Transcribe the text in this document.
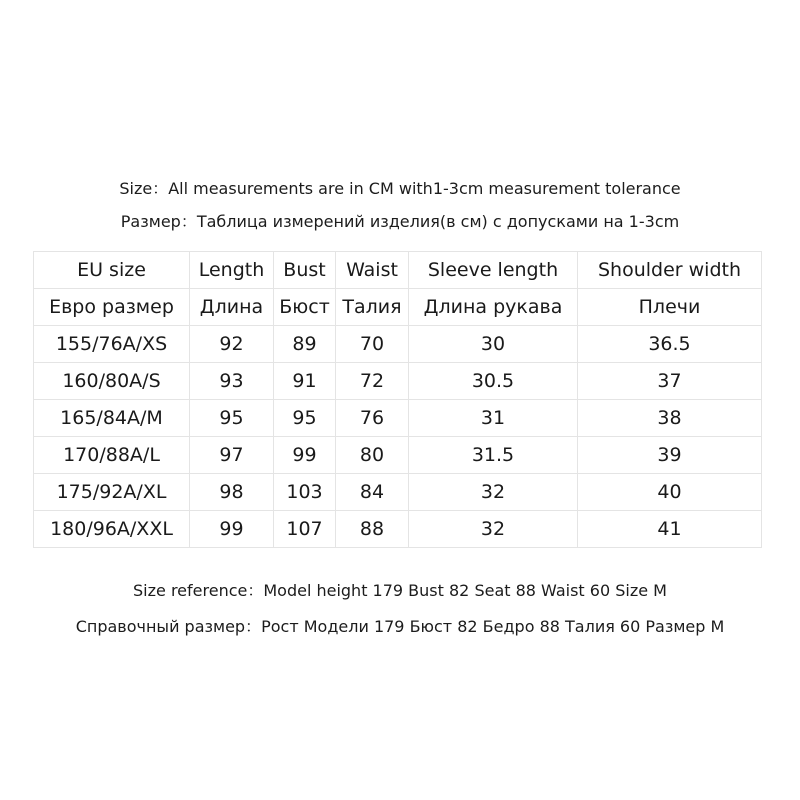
Size：All measurements are in CM with1-3cm measurement tolerance
Размер：Таблица измерений изделия(в см) с допусками на 1-3cm
EU size	Length	Bust	Waist	Sleeve length	Shoulder width
Евро размер	Длина	Бюст	Талия	Длина рукава	Плечи
155/76A/XS	92	89	70	30	36.5
160/80A/S	93	91	72	30.5	37
165/84A/M	95	95	76	31	38
170/88A/L	97	99	80	31.5	39
175/92A/XL	98	103	84	32	40
180/96A/XXL	99	107	88	32	41
Size reference：Model height 179 Bust 82 Seat 88 Waist 60 Size M
Справочный размер：Рост Модели 179 Бюст 82 Бедро 88 Талия 60 Размер M
